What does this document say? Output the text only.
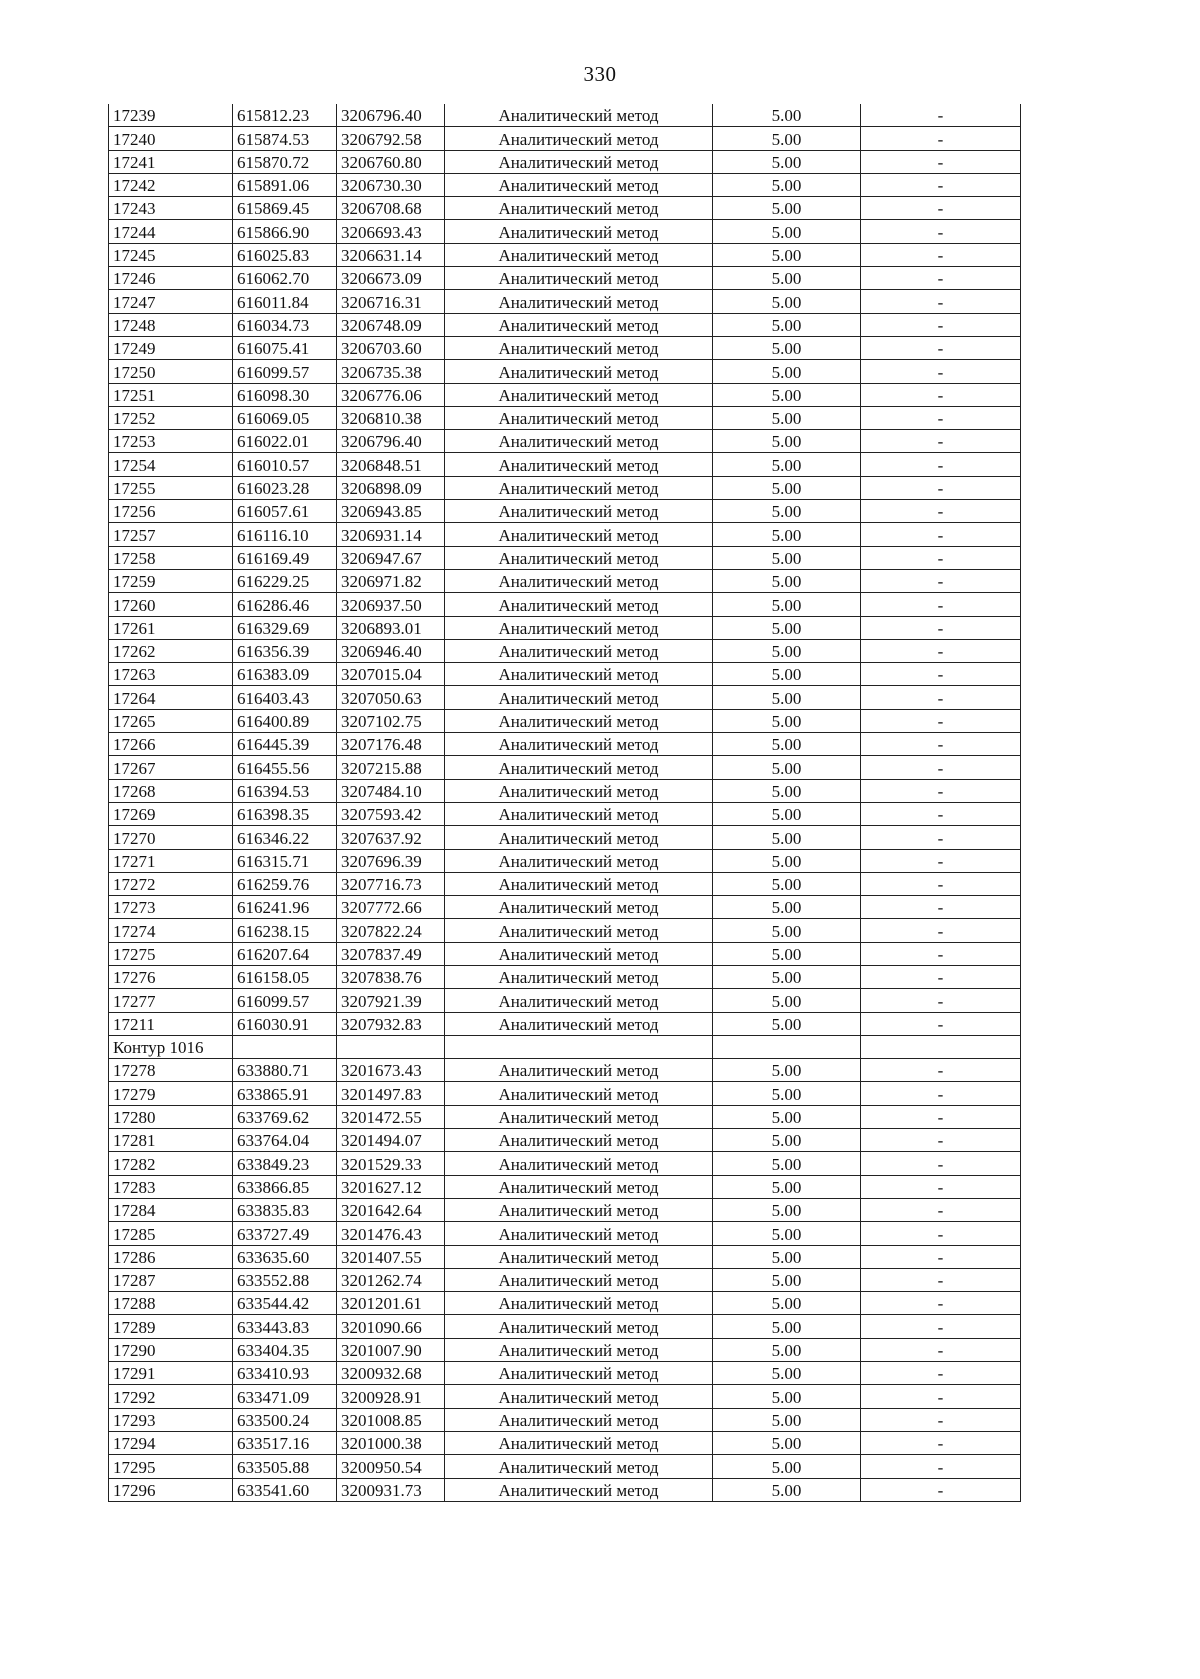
330
17239	615812.23	3206796.40	Аналитический метод	5.00	-
17240	615874.53	3206792.58	Аналитический метод	5.00	-
17241	615870.72	3206760.80	Аналитический метод	5.00	-
17242	615891.06	3206730.30	Аналитический метод	5.00	-
17243	615869.45	3206708.68	Аналитический метод	5.00	-
17244	615866.90	3206693.43	Аналитический метод	5.00	-
17245	616025.83	3206631.14	Аналитический метод	5.00	-
17246	616062.70	3206673.09	Аналитический метод	5.00	-
17247	616011.84	3206716.31	Аналитический метод	5.00	-
17248	616034.73	3206748.09	Аналитический метод	5.00	-
17249	616075.41	3206703.60	Аналитический метод	5.00	-
17250	616099.57	3206735.38	Аналитический метод	5.00	-
17251	616098.30	3206776.06	Аналитический метод	5.00	-
17252	616069.05	3206810.38	Аналитический метод	5.00	-
17253	616022.01	3206796.40	Аналитический метод	5.00	-
17254	616010.57	3206848.51	Аналитический метод	5.00	-
17255	616023.28	3206898.09	Аналитический метод	5.00	-
17256	616057.61	3206943.85	Аналитический метод	5.00	-
17257	616116.10	3206931.14	Аналитический метод	5.00	-
17258	616169.49	3206947.67	Аналитический метод	5.00	-
17259	616229.25	3206971.82	Аналитический метод	5.00	-
17260	616286.46	3206937.50	Аналитический метод	5.00	-
17261	616329.69	3206893.01	Аналитический метод	5.00	-
17262	616356.39	3206946.40	Аналитический метод	5.00	-
17263	616383.09	3207015.04	Аналитический метод	5.00	-
17264	616403.43	3207050.63	Аналитический метод	5.00	-
17265	616400.89	3207102.75	Аналитический метод	5.00	-
17266	616445.39	3207176.48	Аналитический метод	5.00	-
17267	616455.56	3207215.88	Аналитический метод	5.00	-
17268	616394.53	3207484.10	Аналитический метод	5.00	-
17269	616398.35	3207593.42	Аналитический метод	5.00	-
17270	616346.22	3207637.92	Аналитический метод	5.00	-
17271	616315.71	3207696.39	Аналитический метод	5.00	-
17272	616259.76	3207716.73	Аналитический метод	5.00	-
17273	616241.96	3207772.66	Аналитический метод	5.00	-
17274	616238.15	3207822.24	Аналитический метод	5.00	-
17275	616207.64	3207837.49	Аналитический метод	5.00	-
17276	616158.05	3207838.76	Аналитический метод	5.00	-
17277	616099.57	3207921.39	Аналитический метод	5.00	-
17211	616030.91	3207932.83	Аналитический метод	5.00	-
Контур 1016					
17278	633880.71	3201673.43	Аналитический метод	5.00	-
17279	633865.91	3201497.83	Аналитический метод	5.00	-
17280	633769.62	3201472.55	Аналитический метод	5.00	-
17281	633764.04	3201494.07	Аналитический метод	5.00	-
17282	633849.23	3201529.33	Аналитический метод	5.00	-
17283	633866.85	3201627.12	Аналитический метод	5.00	-
17284	633835.83	3201642.64	Аналитический метод	5.00	-
17285	633727.49	3201476.43	Аналитический метод	5.00	-
17286	633635.60	3201407.55	Аналитический метод	5.00	-
17287	633552.88	3201262.74	Аналитический метод	5.00	-
17288	633544.42	3201201.61	Аналитический метод	5.00	-
17289	633443.83	3201090.66	Аналитический метод	5.00	-
17290	633404.35	3201007.90	Аналитический метод	5.00	-
17291	633410.93	3200932.68	Аналитический метод	5.00	-
17292	633471.09	3200928.91	Аналитический метод	5.00	-
17293	633500.24	3201008.85	Аналитический метод	5.00	-
17294	633517.16	3201000.38	Аналитический метод	5.00	-
17295	633505.88	3200950.54	Аналитический метод	5.00	-
17296	633541.60	3200931.73	Аналитический метод	5.00	-
